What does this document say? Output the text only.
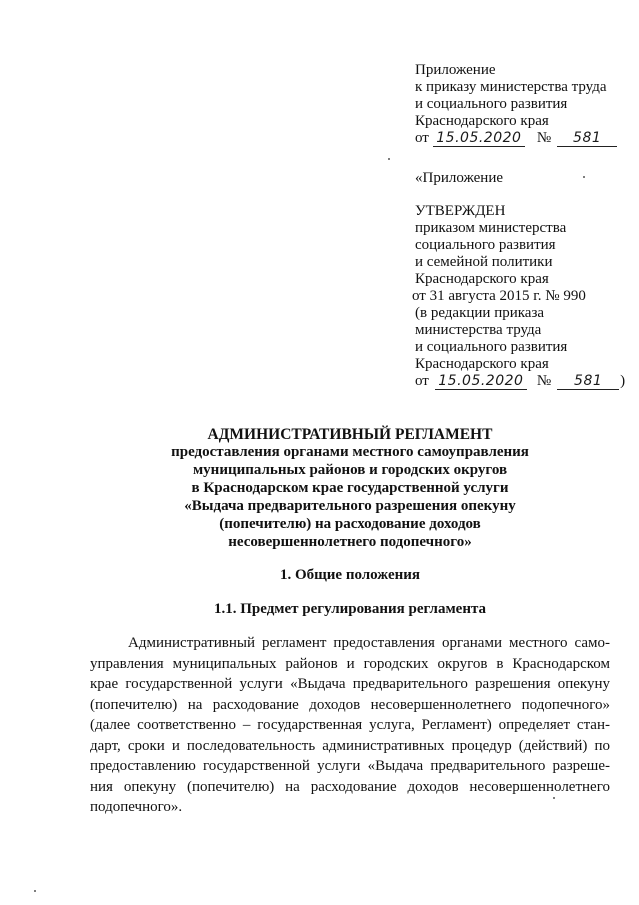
Приложение
к приказу министерства труда
и социального развития
Краснодарского края
от 15.05.2020 №	581
«Приложение
УТВЕРЖДЕН
приказом министерства
социального развития
и семейной политики
Краснодарского края
от 31 августа 2015 г. № 990
(в редакции приказа
министерства труда
и социального развития
Краснодарского края
от 15.05.2020 №	581	)
АДМИНИСТРАТИВНЫЙ РЕГЛАМЕНТ
предоставления органами местного самоуправления
муниципальных районов и городских округов
в Краснодарском крае государственной услуги
«Выдача предварительного разрешения опекуну
(попечителю) на расходование доходов
несовершеннолетнего подопечного»
1. Общие положения
1.1. Предмет регулирования регламента
Административный регламент предоставления органами местного само-
управления муниципальных районов и городских округов в Краснодарском
крае государственной услуги «Выдача предварительного разрешения опекуну
(попечителю) на расходование доходов несовершеннолетнего подопечного»
(далее соответственно – государственная услуга, Регламент) определяет стан-
дарт, сроки и последовательность административных процедур (действий) по
предоставлению государственной услуги «Выдача предварительного разреше-
ния опекуну (попечителю) на расходование доходов несовершеннолетнего
подопечного».
